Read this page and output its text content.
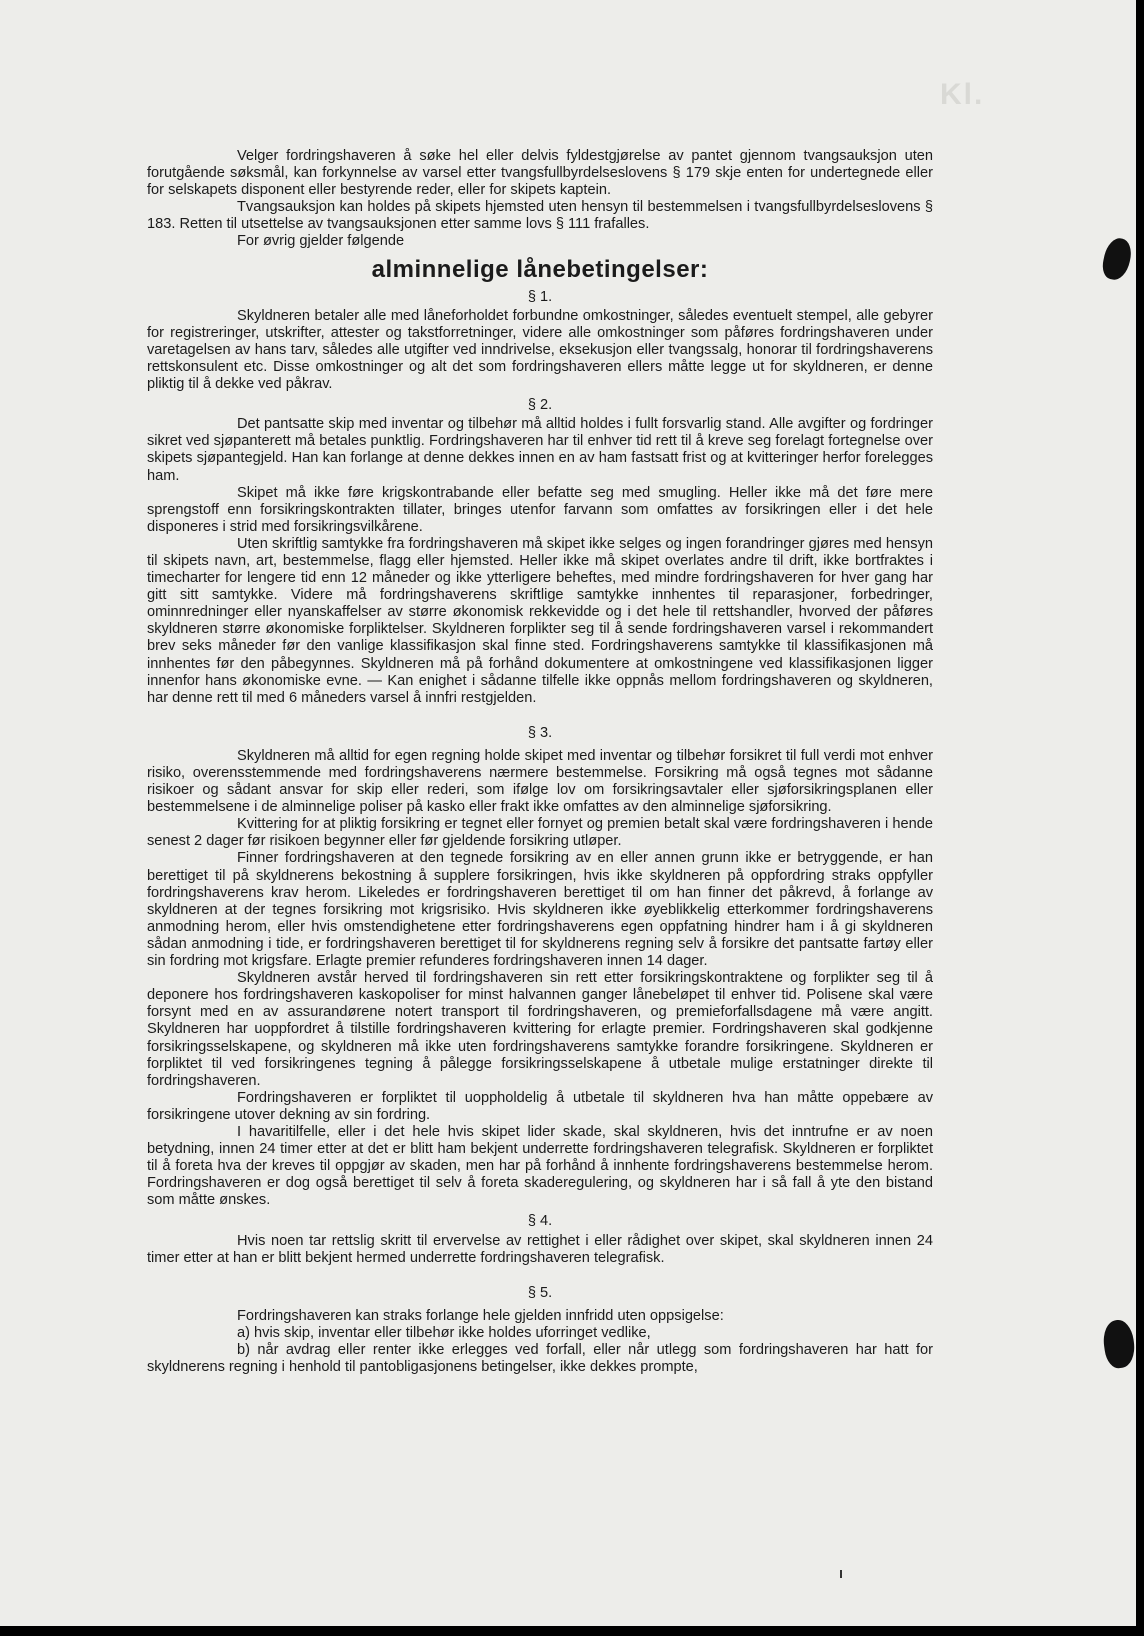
Kl.

Velger fordringshaveren å søke hel eller delvis fyldestgjørelse av pantet gjennom tvangsauksjon uten forutgående søksmål, kan forkynnelse av varsel etter tvangsfullbyrdelseslovens § 179 skje enten for undertegnede eller for selskapets disponent eller bestyrende reder, eller for skipets kaptein.

Tvangsauksjon kan holdes på skipets hjemsted uten hensyn til bestemmelsen i tvangsfullbyrdelseslovens § 183. Retten til utsettelse av tvangsauksjonen etter samme lovs § 111 frafalles.

For øvrig gjelder følgende

alminnelige lånebetingelser:
§ 1.

Skyldneren betaler alle med låneforholdet forbundne omkostninger, således eventuelt stempel, alle gebyrer for registreringer, utskrifter, attester og takstforretninger, videre alle omkostninger som påføres fordringshaveren under varetagelsen av hans tarv, således alle utgifter ved inndrivelse, eksekusjon eller tvangssalg, honorar til fordringshaverens rettskonsulent etc. Disse omkostninger og alt det som fordringshaveren ellers måtte legge ut for skyldneren, er denne pliktig til å dekke ved påkrav.

§ 2.

Det pantsatte skip med inventar og tilbehør må alltid holdes i fullt forsvarlig stand. Alle avgifter og fordringer sikret ved sjøpanterett må betales punktlig. Fordringshaveren har til enhver tid rett til å kreve seg forelagt fortegnelse over skipets sjøpantegjeld. Han kan forlange at denne dekkes innen en av ham fastsatt frist og at kvitteringer herfor forelegges ham.

Skipet må ikke føre krigskontrabande eller befatte seg med smugling. Heller ikke må det føre mere sprengstoff enn forsikringskontrakten tillater, bringes utenfor farvann som omfattes av forsikringen eller i det hele disponeres i strid med forsikringsvilkårene.

Uten skriftlig samtykke fra fordringshaveren må skipet ikke selges og ingen forandringer gjøres med hensyn til skipets navn, art, bestemmelse, flagg eller hjemsted. Heller ikke må skipet overlates andre til drift, ikke bortfraktes i timecharter for lengere tid enn 12 måneder og ikke ytterligere beheftes, med mindre fordringshaveren for hver gang har gitt sitt samtykke. Videre må fordringshaverens skriftlige samtykke innhentes til reparasjoner, forbedringer, ominnredninger eller nyanskaffelser av større økonomisk rekkevidde og i det hele til rettshandler, hvorved der påføres skyldneren større økonomiske forpliktelser. Skyldneren forplikter seg til å sende fordringshaveren varsel i rekommandert brev seks måneder før den vanlige klassifikasjon skal finne sted. Fordringshaverens samtykke til klassifikasjonen må innhentes før den påbegynnes. Skyldneren må på forhånd dokumentere at omkostningene ved klassifikasjonen ligger innenfor hans økonomiske evne. — Kan enighet i sådanne tilfelle ikke oppnås mellom fordringshaveren og skyldneren, har denne rett til med 6 måneders varsel å innfri restgjelden.

§ 3.

Skyldneren må alltid for egen regning holde skipet med inventar og tilbehør forsikret til full verdi mot enhver risiko, overensstemmende med fordringshaverens nærmere bestemmelse. Forsikring må også tegnes mot sådanne risikoer og sådant ansvar for skip eller rederi, som ifølge lov om forsikringsavtaler eller sjøforsikringsplanen eller bestemmelsene i de alminnelige poliser på kasko eller frakt ikke omfattes av den alminnelige sjøforsikring.

Kvittering for at pliktig forsikring er tegnet eller fornyet og premien betalt skal være fordringshaveren i hende senest 2 dager før risikoen begynner eller før gjeldende forsikring utløper.

Finner fordringshaveren at den tegnede forsikring av en eller annen grunn ikke er betryggende, er han berettiget til på skyldnerens bekostning å supplere forsikringen, hvis ikke skyldneren på oppfordring straks oppfyller fordringshaverens krav herom. Likeledes er fordringshaveren berettiget til om han finner det påkrevd, å forlange av skyldneren at der tegnes forsikring mot krigsrisiko. Hvis skyldneren ikke øyeblikkelig etterkommer fordringshaverens anmodning herom, eller hvis omstendighetene etter fordringshaverens egen oppfatning hindrer ham i å gi skyldneren sådan anmodning i tide, er fordringshaveren berettiget til for skyldnerens regning selv å forsikre det pantsatte fartøy eller sin fordring mot krigsfare. Erlagte premier refunderes fordringshaveren innen 14 dager.

Skyldneren avstår herved til fordringshaveren sin rett etter forsikringskontraktene og forplikter seg til å deponere hos fordringshaveren kaskopoliser for minst halvannen ganger lånebeløpet til enhver tid. Polisene skal være forsynt med en av assurandørene notert transport til fordringshaveren, og premieforfallsdagene må være angitt. Skyldneren har uoppfordret å tilstille fordringshaveren kvittering for erlagte premier. Fordringshaveren skal godkjenne forsikringsselskapene, og skyldneren må ikke uten fordringshaverens samtykke forandre forsikringene. Skyldneren er forpliktet til ved forsikringenes tegning å pålegge forsikringsselskapene å utbetale mulige erstatninger direkte til fordringshaveren.

Fordringshaveren er forpliktet til uoppholdelig å utbetale til skyldneren hva han måtte oppebære av forsikringene utover dekning av sin fordring.

I havaritilfelle, eller i det hele hvis skipet lider skade, skal skyldneren, hvis det inntrufne er av noen betydning, innen 24 timer etter at det er blitt ham bekjent underrette fordringshaveren telegrafisk. Skyldneren er forpliktet til å foreta hva der kreves til oppgjør av skaden, men har på forhånd å innhente fordringshaverens bestemmelse herom. Fordringshaveren er dog også berettiget til selv å foreta skaderegulering, og skyldneren har i så fall å yte den bistand som måtte ønskes.

§ 4.

Hvis noen tar rettslig skritt til ervervelse av rettighet i eller rådighet over skipet, skal skyldneren innen 24 timer etter at han er blitt bekjent hermed underrette fordringshaveren telegrafisk.

§ 5.

Fordringshaveren kan straks forlange hele gjelden innfridd uten oppsigelse:

a) hvis skip, inventar eller tilbehør ikke holdes uforringet vedlike,

b) når avdrag eller renter ikke erlegges ved forfall, eller når utlegg som fordringshaveren har hatt for skyldnerens regning i henhold til pantobligasjonens betingelser, ikke dekkes prompte,
